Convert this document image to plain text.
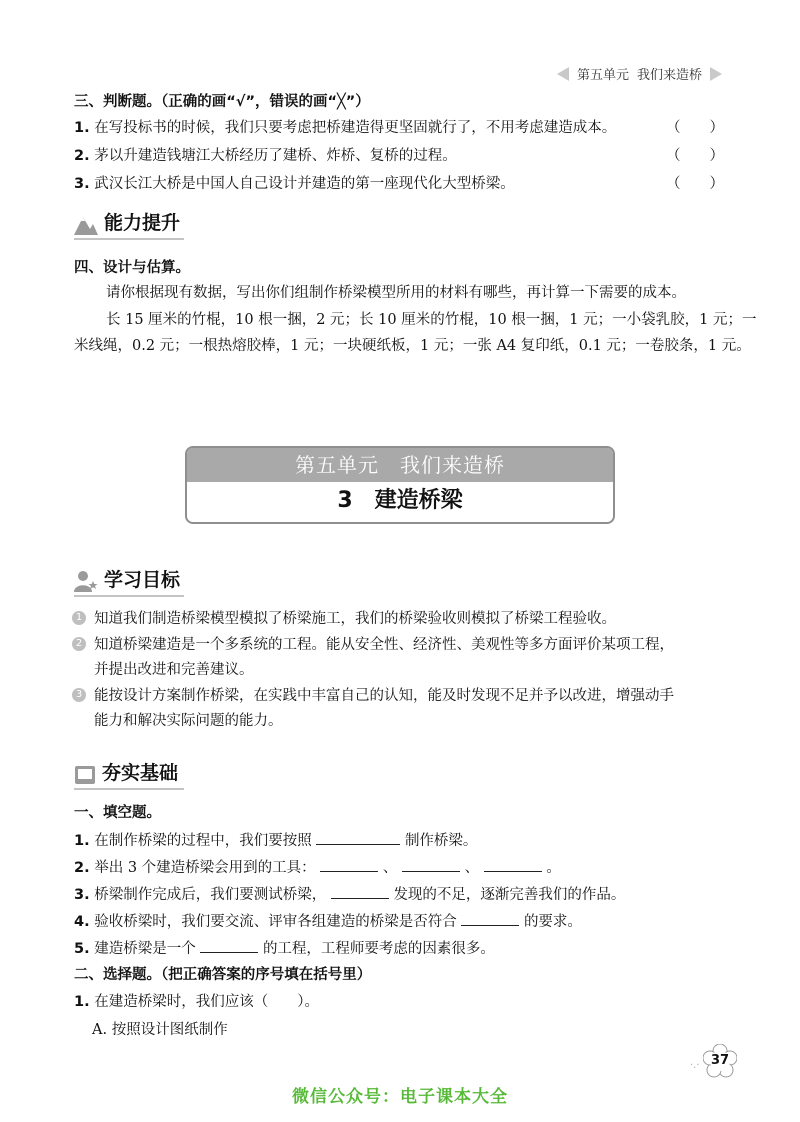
第五单元 我们来造桥
三、判断题。（正确的画“√”，错误的画“╳”）
1. 在写投标书的时候，我们只要考虑把桥建造得更坚固就行了，不用考虑建造成本。	（　　）
2. 茅以升建造钱塘江大桥经历了建桥、炸桥、复桥的过程。	（　　）
3. 武汉长江大桥是中国人自己设计并建造的第一座现代化大型桥梁。	（　　）
能力提升
四、设计与估算。
请你根据现有数据，写出你们组制作桥梁模型所用的材料有哪些，再计算一下需要的成本。
长 15 厘米的竹棍，10 根一捆，2 元；长 10 厘米的竹棍，10 根一捆，1 元；一小袋乳胶，1 元；一
米线绳，0.2 元；一根热熔胶棒，1 元；一块硬纸板，1 元；一张 A4 复印纸，0.1 元；一卷胶条，1 元。
第五单元　我们来造桥
3　建造桥梁
学习目标
1 知道我们制造桥梁模型模拟了桥梁施工，我们的桥梁验收则模拟了桥梁工程验收。
2 知道桥梁建造是一个多系统的工程。能从安全性、经济性、美观性等多方面评价某项工程，
并提出改进和完善建议。
3 能按设计方案制作桥梁，在实践中丰富自己的认知，能及时发现不足并予以改进，增强动手
能力和解决实际问题的能力。
夯实基础
一、填空题。
1. 在制作桥梁的过程中，我们要按照	制作桥梁。
2. 举出 3 个建造桥梁会用到的工具：	、	、	。
3. 桥梁制作完成后，我们要测试桥梁，	发现的不足，逐渐完善我们的作品。
4. 验收桥梁时，我们要交流、评审各组建造的桥梁是否符合	的要求。
5. 建造桥梁是一个	的工程，工程师要考虑的因素很多。
二、选择题。（把正确答案的序号填在括号里）
1. 在建造桥梁时，我们应该（　　）。
A. 按照设计图纸制作
37
·.·
微信公众号：电子课本大全
